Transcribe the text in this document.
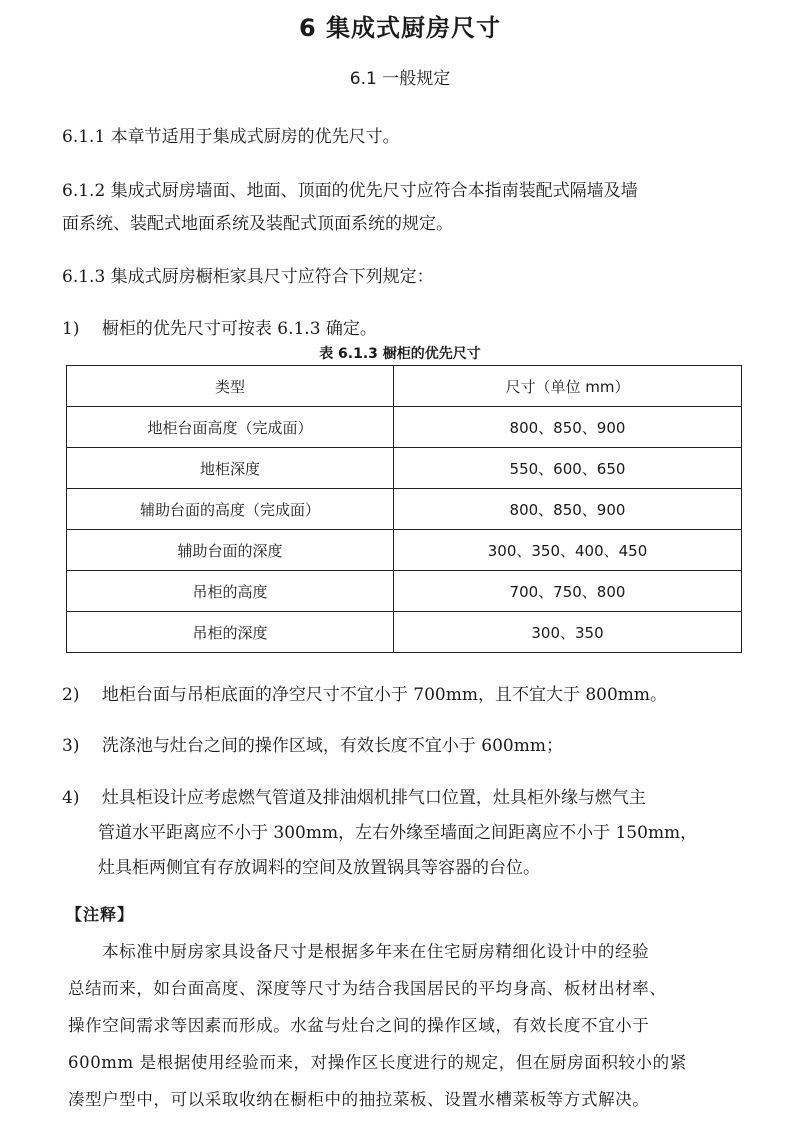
6 集成式厨房尺寸
6.1 一般规定
6.1.1 本章节适用于集成式厨房的优先尺寸。
6.1.2 集成式厨房墙面、地面、顶面的优先尺寸应符合本指南装配式隔墙及墙
面系统、装配式地面系统及装配式顶面系统的规定。
6.1.3 集成式厨房橱柜家具尺寸应符合下列规定：
1)　 橱柜的优先尺寸可按表 6.1.3 确定。
表 6.1.3 橱柜的优先尺寸
类型	尺寸（单位 mm）
地柜台面高度（完成面）	800、850、900
地柜深度	550、600、650
辅助台面的高度（完成面）	800、850、900
辅助台面的深度	300、350、400、450
吊柜的高度	700、750、800
吊柜的深度	300、350
2)　 地柜台面与吊柜底面的净空尺寸不宜小于 700mm，且不宜大于 800mm。
3)　 洗涤池与灶台之间的操作区域，有效长度不宜小于 600mm；
4)　 灶具柜设计应考虑燃气管道及排油烟机排气口位置，灶具柜外缘与燃气主
管道水平距离应不小于 300mm，左右外缘至墙面之间距离应不小于 150mm，
灶具柜两侧宜有存放调料的空间及放置锅具等容器的台位。
【注释】
本标准中厨房家具设备尺寸是根据多年来在住宅厨房精细化设计中的经验
总结而来，如台面高度、深度等尺寸为结合我国居民的平均身高、板材出材率、
操作空间需求等因素而形成。水盆与灶台之间的操作区域，有效长度不宜小于
600mm 是根据使用经验而来，对操作区长度进行的规定，但在厨房面积较小的紧
凑型户型中，可以采取收纳在橱柜中的抽拉菜板、设置水槽菜板等方式解决。
